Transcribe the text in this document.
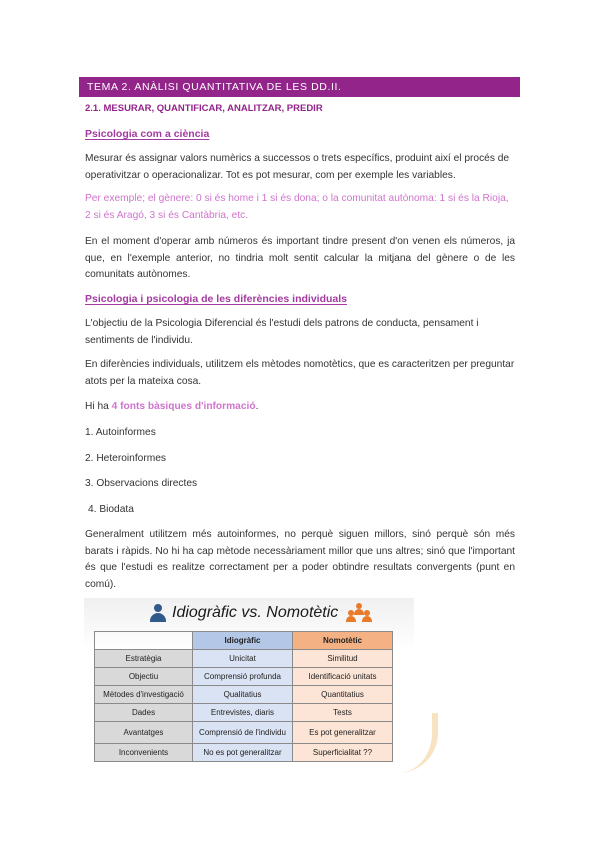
TEMA 2. ANÀLISI QUANTITATIVA DE LES DD.II.
2.1. MESURAR, QUANTIFICAR, ANALITZAR, PREDIR
Psicologia com a ciència
Mesurar és assignar valors numèrics a successos o trets específics, produint així el procés de operativitzar o operacionalizar. Tot es pot mesurar, com per exemple les variables.
Per exemple; el gènere: 0 si és home i 1 si és dona; o la comunitat autònoma: 1 si és la Rioja, 2 si és Aragó, 3 si és Cantàbria, etc.
En el moment d'operar amb números és important tindre present d'on venen els números, ja que, en l'exemple anterior, no tindria molt sentit calcular la mitjana del gènere o de les comunitats autònomes.
Psicologia i psicologia de les diferències individuals
L'objectiu de la Psicologia Diferencial és l'estudi dels patrons de conducta, pensament i sentiments de l'individu.
En diferències individuals, utilitzem els mètodes nomotètics, que es caracteritzen per preguntar atots per la mateixa cosa.
Hi ha 4 fonts bàsiques d'informació.
1. Autoinformes
2. Heteroinformes
3. Observacions directes
4. Biodata
Generalment utilitzem més autoinformes, no perquè siguen millors, sinó perquè són més barats i ràpids. No hi ha cap mètode necessàriament millor que uns altres; sinó que l'important és que l'estudi es realitze correctament per a poder obtindre resultats convergents (punt en comú).
Idiogràfic vs. Nomotètic
	Idiogràfic	Nomotètic
Estratègia	Unicitat	Similitud
Objectiu	Comprensió profunda	Identificació unitats
Mètodes d'investigació	Qualitatius	Quantitatius
Dades	Entrevistes, diaris	Tests
Avantatges	Comprensió de l'individu	Es pot generalitzar
Inconvenients	No es pot generalitzar	Superficialitat ??
